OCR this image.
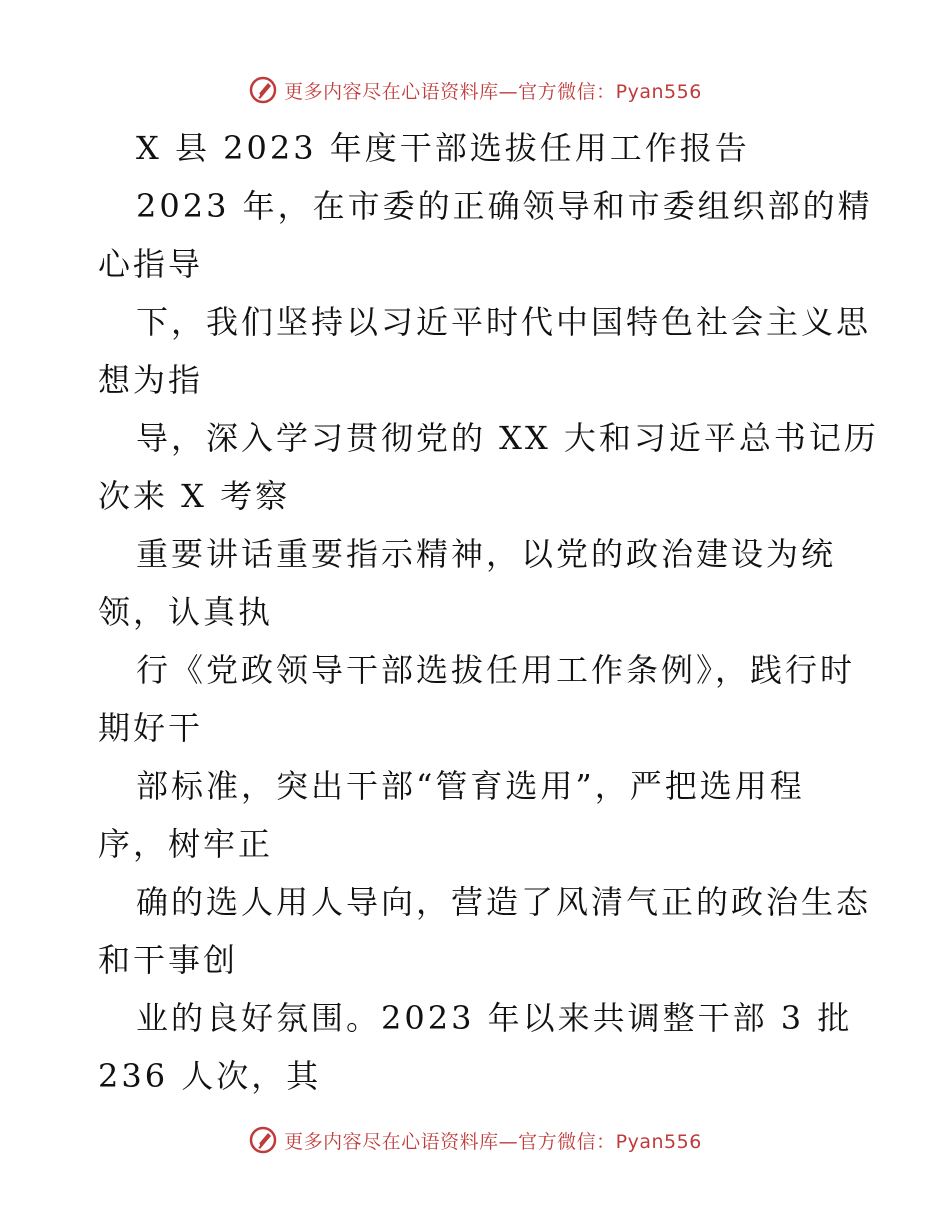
更多内容尽在心语资料库—官方微信：Pyan556
X 县 2023 年度干部选拔任用工作报告
2023 年，在市委的正确领导和市委组织部的精
心指导
下，我们坚持以习近平时代中国特色社会主义思
想为指
导，深入学习贯彻党的 XX 大和习近平总书记历
次来 X 考察
重要讲话重要指示精神，以党的政治建设为统
领，认真执
行《党政领导干部选拔任用工作条例》，践行时
期好干
部标准，突出干部“管育选用”，严把选用程
序，树牢正
确的选人用人导向，营造了风清气正的政治生态
和干事创
业的良好氛围。2023 年以来共调整干部 3 批
236 人次，其
更多内容尽在心语资料库—官方微信：Pyan556
